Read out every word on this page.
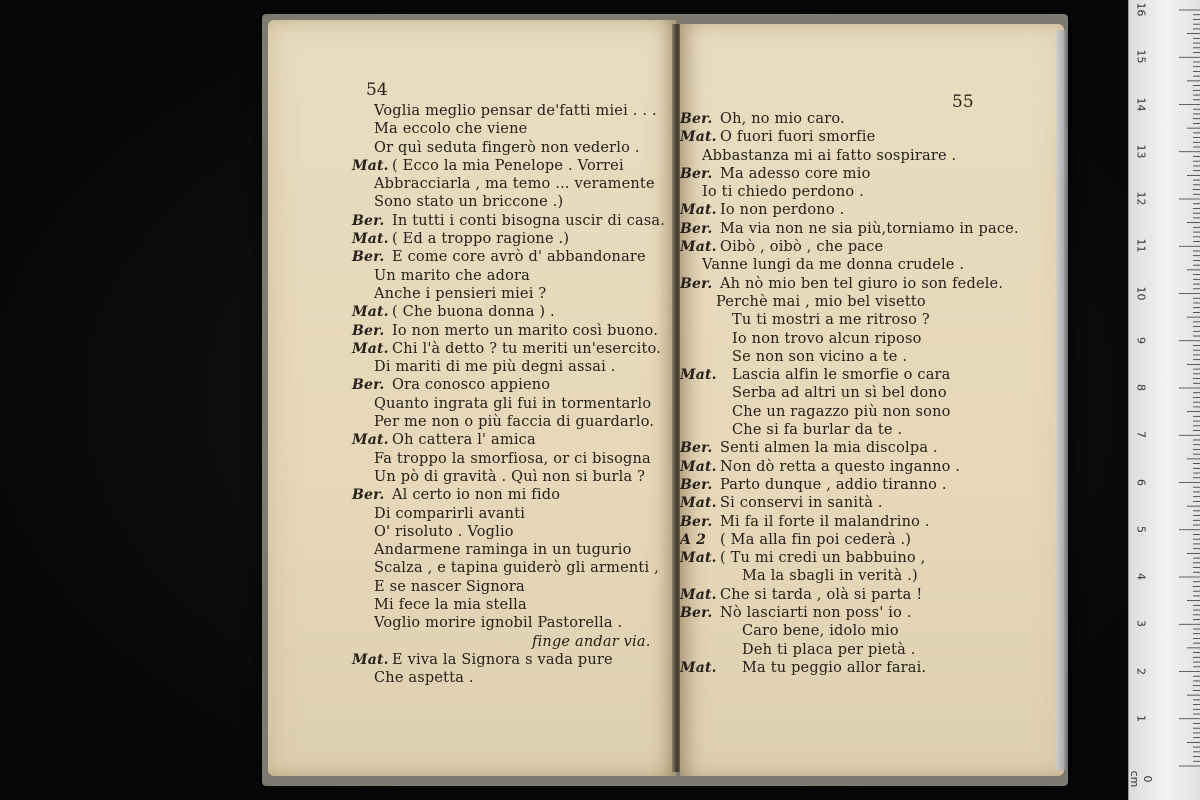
54
Voglia meglio pensar de'fatti miei . . .
Ma eccolo che viene
Or quì seduta fingerò non vederlo .
Mat. ( Ecco la mia Penelope . Vorrei
Abbracciarla , ma temo ... veramente
Sono stato un briccone .)
Ber. In tutti i conti bisogna uscir di casa.
Mat. ( Ed a troppo ragione .)
Ber. E come core avrò d' abbandonare
Un marito che adora
Anche i pensieri miei ?
Mat. ( Che buona donna ) .
Ber. Io non merto un marito così buono.
Mat. Chi l'à detto ? tu meriti un'esercito.
Di mariti di me più degni assai .
Ber. Ora conosco appieno
Quanto ingrata gli fui in tormentarlo
Per me non o più faccia di guardarlo.
Mat. Oh cattera l' amica
Fa troppo la smorfiosa, or ci bisogna
Un pò di gravità . Quì non si burla ?
Ber. Al certo io non mi fido
Di comparirli avanti
O' risoluto . Voglio
Andarmene raminga in un tugurio
Scalza , e tapina guiderò gli armenti ,
E se nascer Signora
Mi fece la mia stella
Voglio morire ignobil Pastorella .
finge andar via.
Mat. E viva la Signora s vada pure
Che aspetta .
55
Ber. Oh, no mio caro.
Mat. O fuori fuori smorfie
Abbastanza mi ai fatto sospirare .
Ber. Ma adesso core mio
Io ti chiedo perdono .
Mat. Io non perdono .
Ber. Ma via non ne sia più,torniamo in pace.
Mat. Oibò , oibò , che pace
Vanne lungi da me donna crudele .
Ber. Ah nò mio ben tel giuro io son fedele.
Perchè mai , mio bel visetto
Tu ti mostri a me ritroso ?
Io non trovo alcun riposo
Se non son vicino a te .
Mat. Lascia alfin le smorfie o cara
Serba ad altri un sì bel dono
Che un ragazzo più non sono
Che si fa burlar da te .
Ber. Senti almen la mia discolpa .
Mat. Non dò retta a questo inganno .
Ber. Parto dunque , addio tiranno .
Mat. Si conservi in sanità .
Ber. Mi fa il forte il malandrino .
A 2 ( Ma alla fin poi cederà .)
Mat. ( Tu mi credi un babbuino ,
Ma la sbagli in verità .)
Mat. Che si tarda , olà si parta !
Ber. Nò lasciarti non poss' io .
Caro bene, idolo mio
Deh ti placa per pietà .
Mat. Ma tu peggio allor farai.
1
2
3
4
5
6
7
8
9
10
11
12
13
14
15
16
0 cm
